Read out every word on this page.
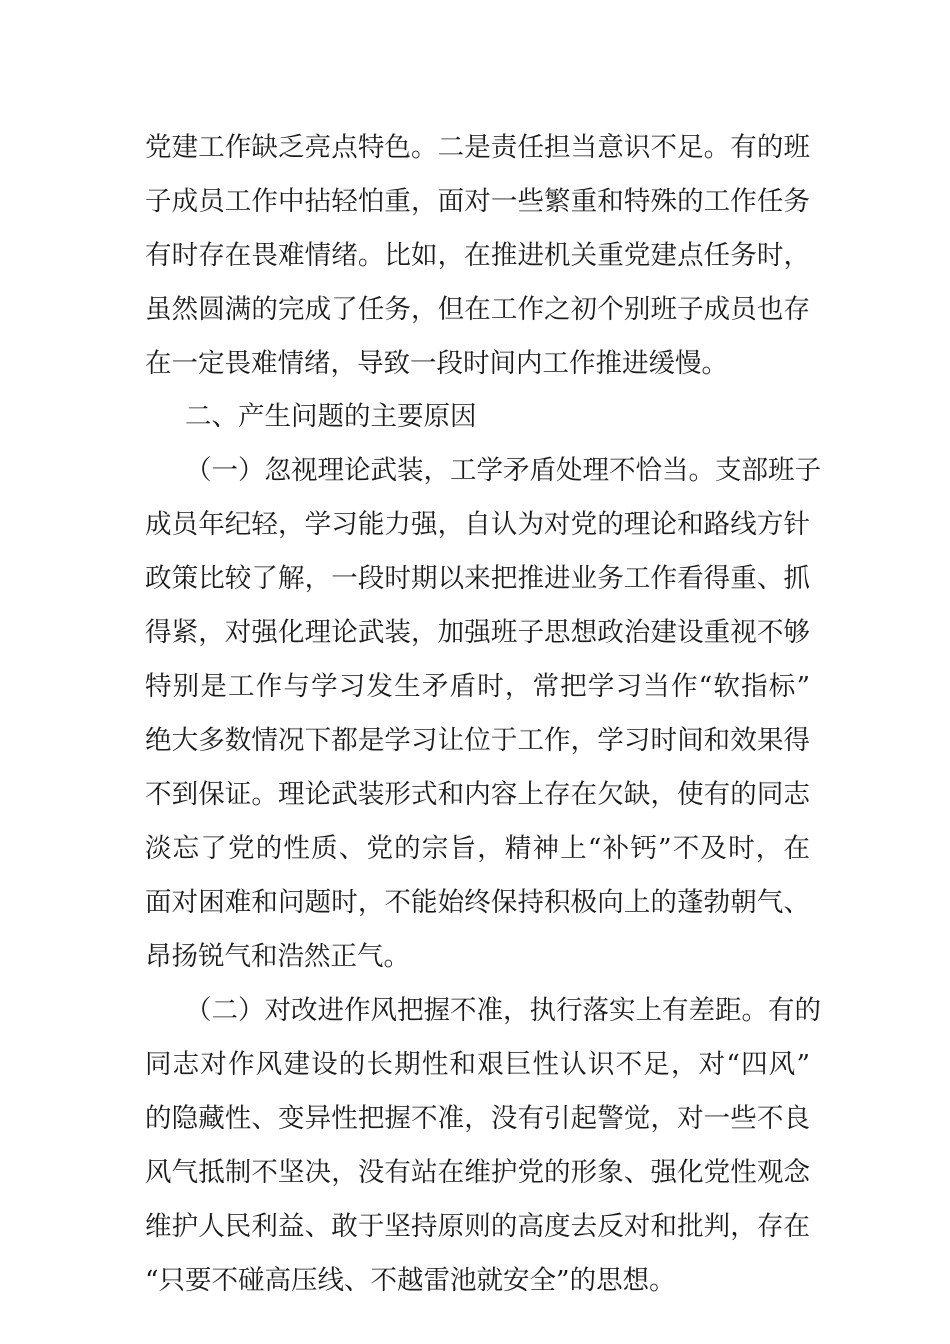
党建工作缺乏亮点特色。二是责任担当意识不足。有的班
子成员工作中拈轻怕重，面对一些繁重和特殊的工作任务
有时存在畏难情绪。比如，在推进机关重党建点任务时，
虽然圆满的完成了任务，但在工作之初个别班子成员也存
在一定畏难情绪，导致一段时间内工作推进缓慢。
二、产生问题的主要原因
（一）忽视理论武装，工学矛盾处理不恰当。支部班子
成员年纪轻，学习能力强，自认为对党的理论和路线方针
政策比较了解，一段时期以来把推进业务工作看得重、抓
得紧，对强化理论武装，加强班子思想政治建设重视不够
特别是工作与学习发生矛盾时，常把学习当作“软指标”
绝大多数情况下都是学习让位于工作，学习时间和效果得
不到保证。理论武装形式和内容上存在欠缺，使有的同志
淡忘了党的性质、党的宗旨，精神上“补钙”不及时，在
面对困难和问题时，不能始终保持积极向上的蓬勃朝气、
昂扬锐气和浩然正气。
（二）对改进作风把握不准，执行落实上有差距。有的
同志对作风建设的长期性和艰巨性认识不足，对“四风”
的隐藏性、变异性把握不准，没有引起警觉，对一些不良
风气抵制不坚决，没有站在维护党的形象、强化党性观念
维护人民利益、敢于坚持原则的高度去反对和批判，存在
“只要不碰高压线、不越雷池就安全”的思想。
